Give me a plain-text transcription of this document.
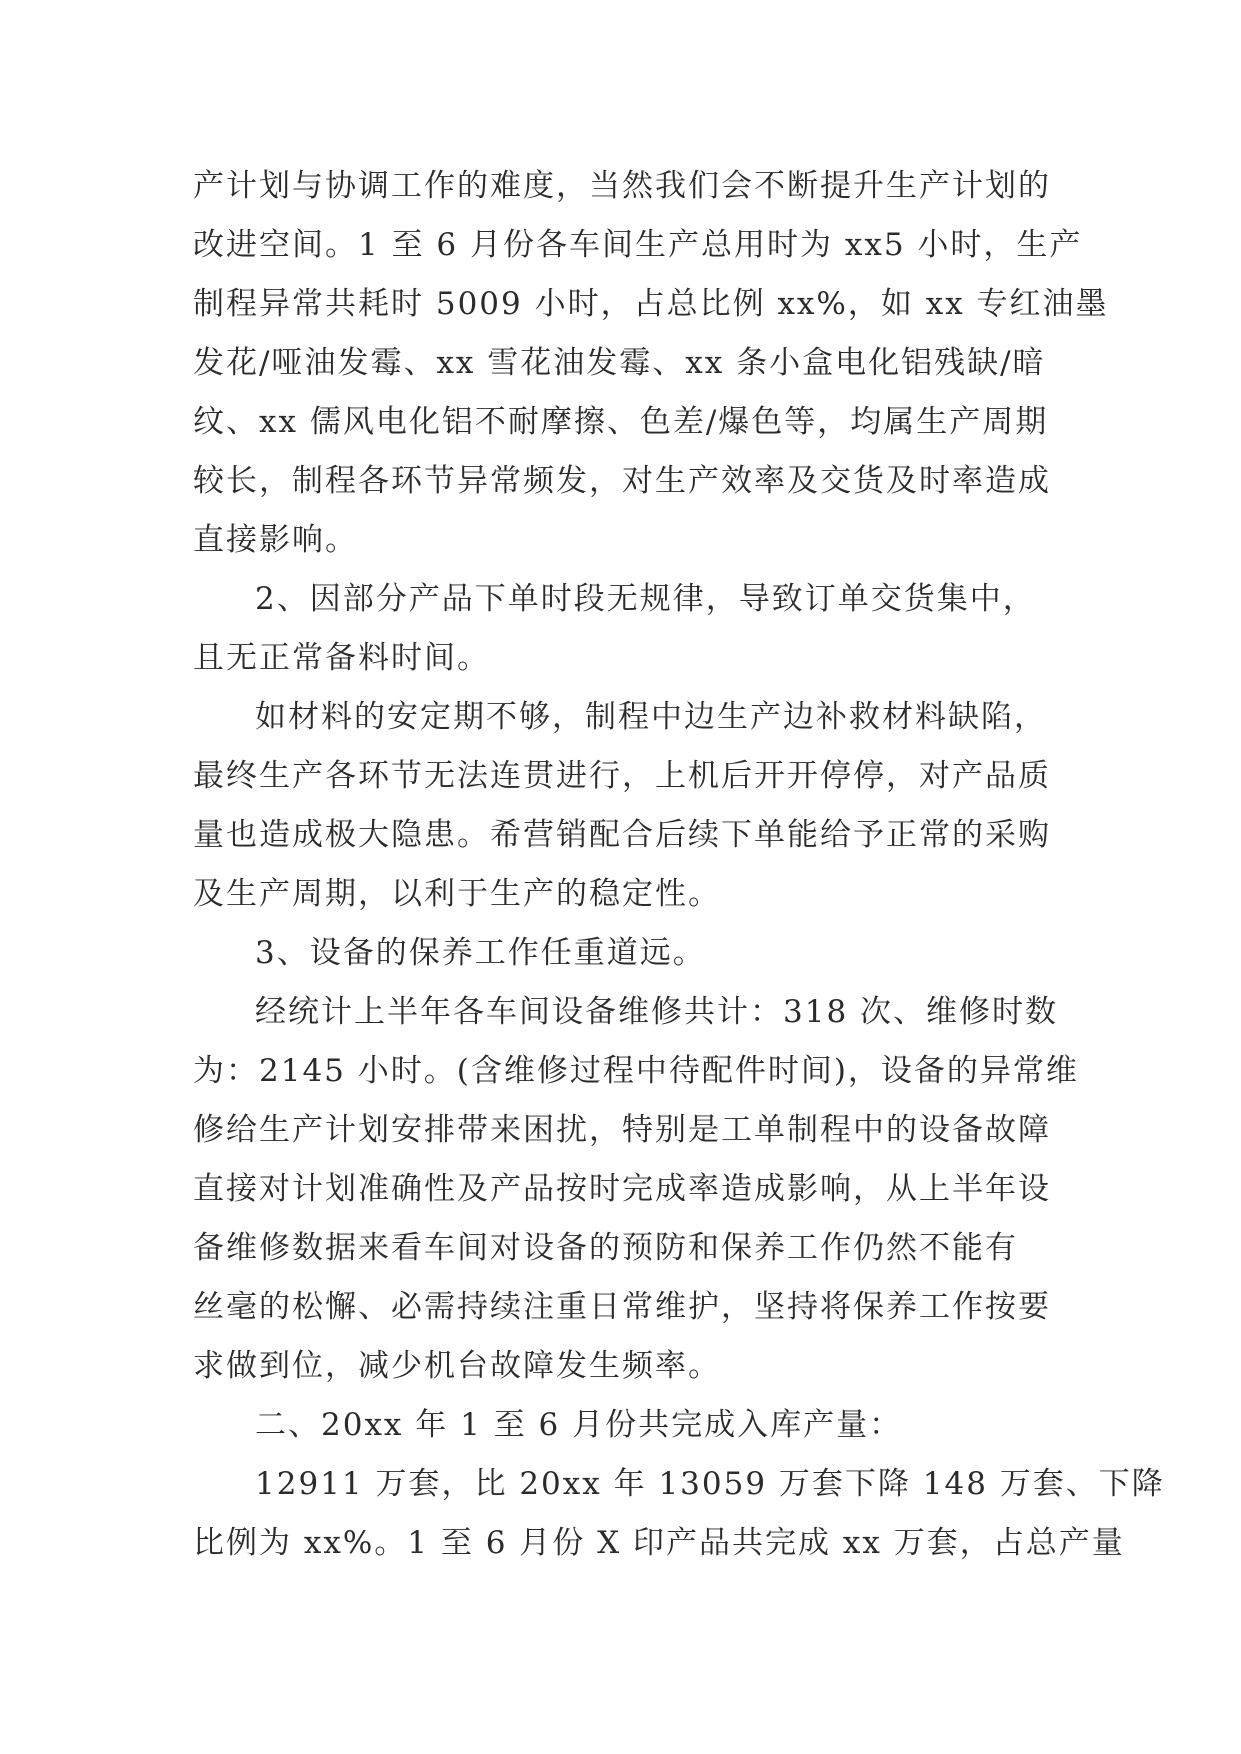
产计划与协调工作的难度，当然我们会不断提升生产计划的
改进空间。1 至 6 月份各车间生产总用时为 xx5 小时，生产
制程异常共耗时 5009 小时，占总比例 xx%，如 xx 专红油墨
发花/哑油发霉、xx 雪花油发霉、xx 条小盒电化铝残缺/暗
纹、xx 儒风电化铝不耐摩擦、色差/爆色等，均属生产周期
较长，制程各环节异常频发，对生产效率及交货及时率造成
直接影响。
2、因部分产品下单时段无规律，导致订单交货集中，
且无正常备料时间。
如材料的安定期不够，制程中边生产边补救材料缺陷，
最终生产各环节无法连贯进行，上机后开开停停，对产品质
量也造成极大隐患。希营销配合后续下单能给予正常的采购
及生产周期，以利于生产的稳定性。
3、设备的保养工作任重道远。
经统计上半年各车间设备维修共计：318 次、维修时数
为：2145 小时。(含维修过程中待配件时间)，设备的异常维
修给生产计划安排带来困扰，特别是工单制程中的设备故障
直接对计划准确性及产品按时完成率造成影响，从上半年设
备维修数据来看车间对设备的预防和保养工作仍然不能有
丝毫的松懈、必需持续注重日常维护，坚持将保养工作按要
求做到位，减少机台故障发生频率。
二、20xx 年 1 至 6 月份共完成入库产量：
12911 万套，比 20xx 年 13059 万套下降 148 万套、下降
比例为 xx%。1 至 6 月份 X 印产品共完成 xx 万套，占总产量
